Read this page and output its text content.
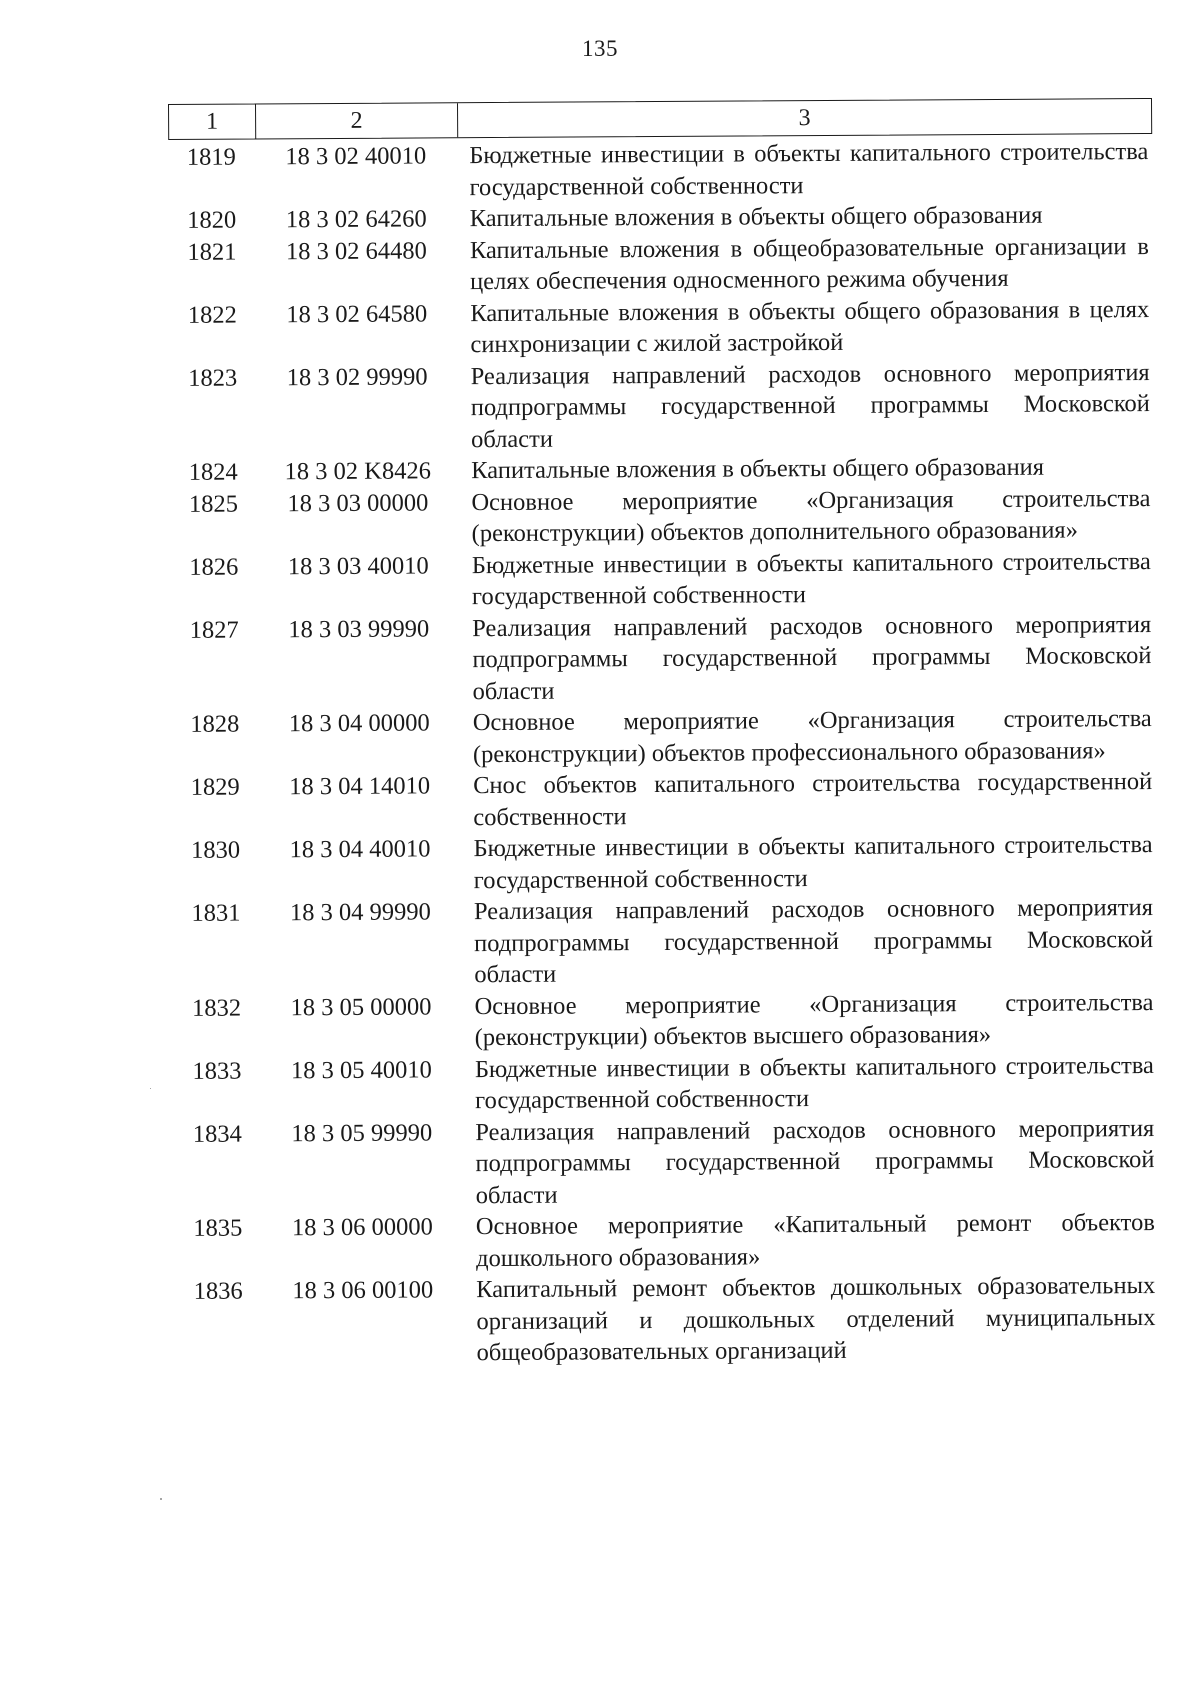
135
1	2	3
1819	18 3 02 40010	Бюджетные инвестиции в объекты капитального строительства государственной собственности
1820	18 3 02 64260	Капитальные вложения в объекты общего образования
1821	18 3 02 64480	Капитальные вложения в общеобразовательные организации в целях обеспечения односменного режима обучения
1822	18 3 02 64580	Капитальные вложения в объекты общего образования в целях синхронизации с жилой застройкой
1823	18 3 02 99990	Реализация направлений расходов основного мероприятия подпрограммы государственной программы Московской области
1824	18 3 02 K8426	Капитальные вложения в объекты общего образования
1825	18 3 03 00000	Основное мероприятие «Организация строительства (реконструкции) объектов дополнительного образования»
1826	18 3 03 40010	Бюджетные инвестиции в объекты капитального строительства государственной собственности
1827	18 3 03 99990	Реализация направлений расходов основного мероприятия подпрограммы государственной программы Московской области
1828	18 3 04 00000	Основное мероприятие «Организация строительства (реконструкции) объектов профессионального образования»
1829	18 3 04 14010	Снос объектов капитального строительства государственной собственности
1830	18 3 04 40010	Бюджетные инвестиции в объекты капитального строительства государственной собственности
1831	18 3 04 99990	Реализация направлений расходов основного мероприятия подпрограммы государственной программы Московской области
1832	18 3 05 00000	Основное мероприятие «Организация строительства (реконструкции) объектов высшего образования»
1833	18 3 05 40010	Бюджетные инвестиции в объекты капитального строительства государственной собственности
1834	18 3 05 99990	Реализация направлений расходов основного мероприятия подпрограммы государственной программы Московской области
1835	18 3 06 00000	Основное мероприятие «Капитальный ремонт объектов дошкольного образования»
1836	18 3 06 00100	Капитальный ремонт объектов дошкольных образовательных организаций и дошкольных отделений муниципальных общеобразовательных организаций
